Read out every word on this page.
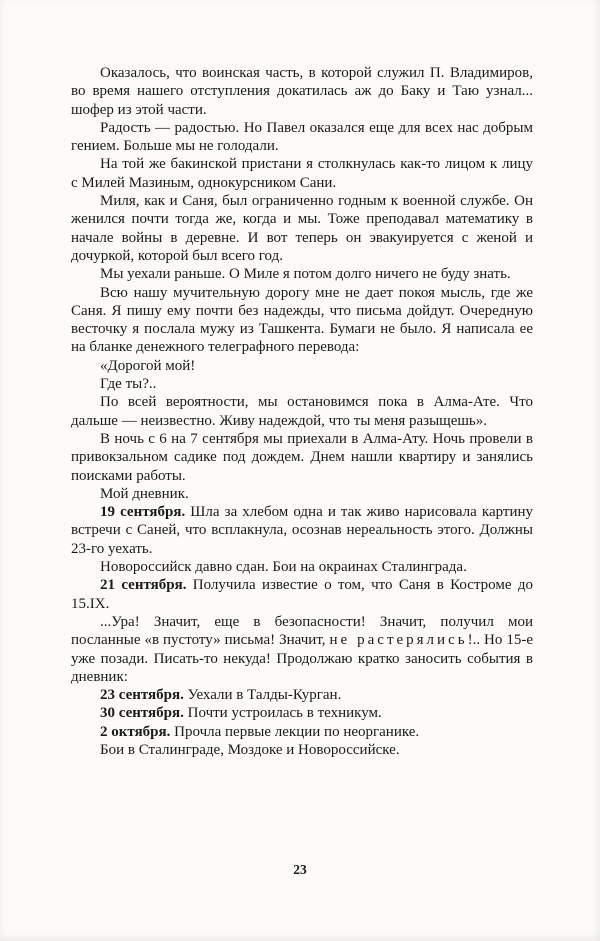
Оказалось, что воинская часть, в которой служил П. Владимиров, во время нашего отступления докатилась аж до Баку и Таю узнал... шофер из этой части.

Радость — радостью. Но Павел оказался еще для всех нас добрым гением. Больше мы не голодали.

На той же бакинской пристани я столкнулась как-то лицом к лицу с Милей Мазиным, однокурсником Сани.

Миля, как и Саня, был ограниченно годным к военной службе. Он женился почти тогда же, когда и мы. Тоже преподавал математику в начале войны в деревне. И вот теперь он эвакуируется с женой и дочуркой, которой был всего год.

Мы уехали раньше. О Миле я потом долго ничего не буду знать.

Всю нашу мучительную дорогу мне не дает покоя мысль, где же Саня. Я пишу ему почти без надежды, что письма дойдут. Очередную весточку я послала мужу из Ташкента. Бумаги не было. Я написала ее на бланке денежного телеграфного перевода:

«Дорогой мой!

Где ты?..

По всей вероятности, мы остановимся пока в Алма-Ате. Что дальше — неизвестно. Живу надеждой, что ты меня разыщешь».

В ночь с 6 на 7 сентября мы приехали в Алма-Ату. Ночь провели в привокзальном садике под дождем. Днем нашли квартиру и занялись поисками работы.

Мой дневник.

19 сентября. Шла за хлебом одна и так живо нарисовала картину встречи с Саней, что всплакнула, осознав нереальность этого. Должны 23-го уехать.

Новороссийск давно сдан. Бои на окраинах Сталинграда.

21 сентября. Получила известие о том, что Саня в Костроме до 15.IX.

...Ура! Значит, еще в безопасности! Значит, получил мои посланные «в пустоту» письма! Значит, не растерялись!.. Но 15-е уже позади. Писать-то некуда! Продолжаю кратко заносить события в дневник:

23 сентября. Уехали в Талды-Курган.

30 сентября. Почти устроилась в техникум.

2 октября. Прочла первые лекции по неорганике.

Бои в Сталинграде, Моздоке и Новороссийске.

23
